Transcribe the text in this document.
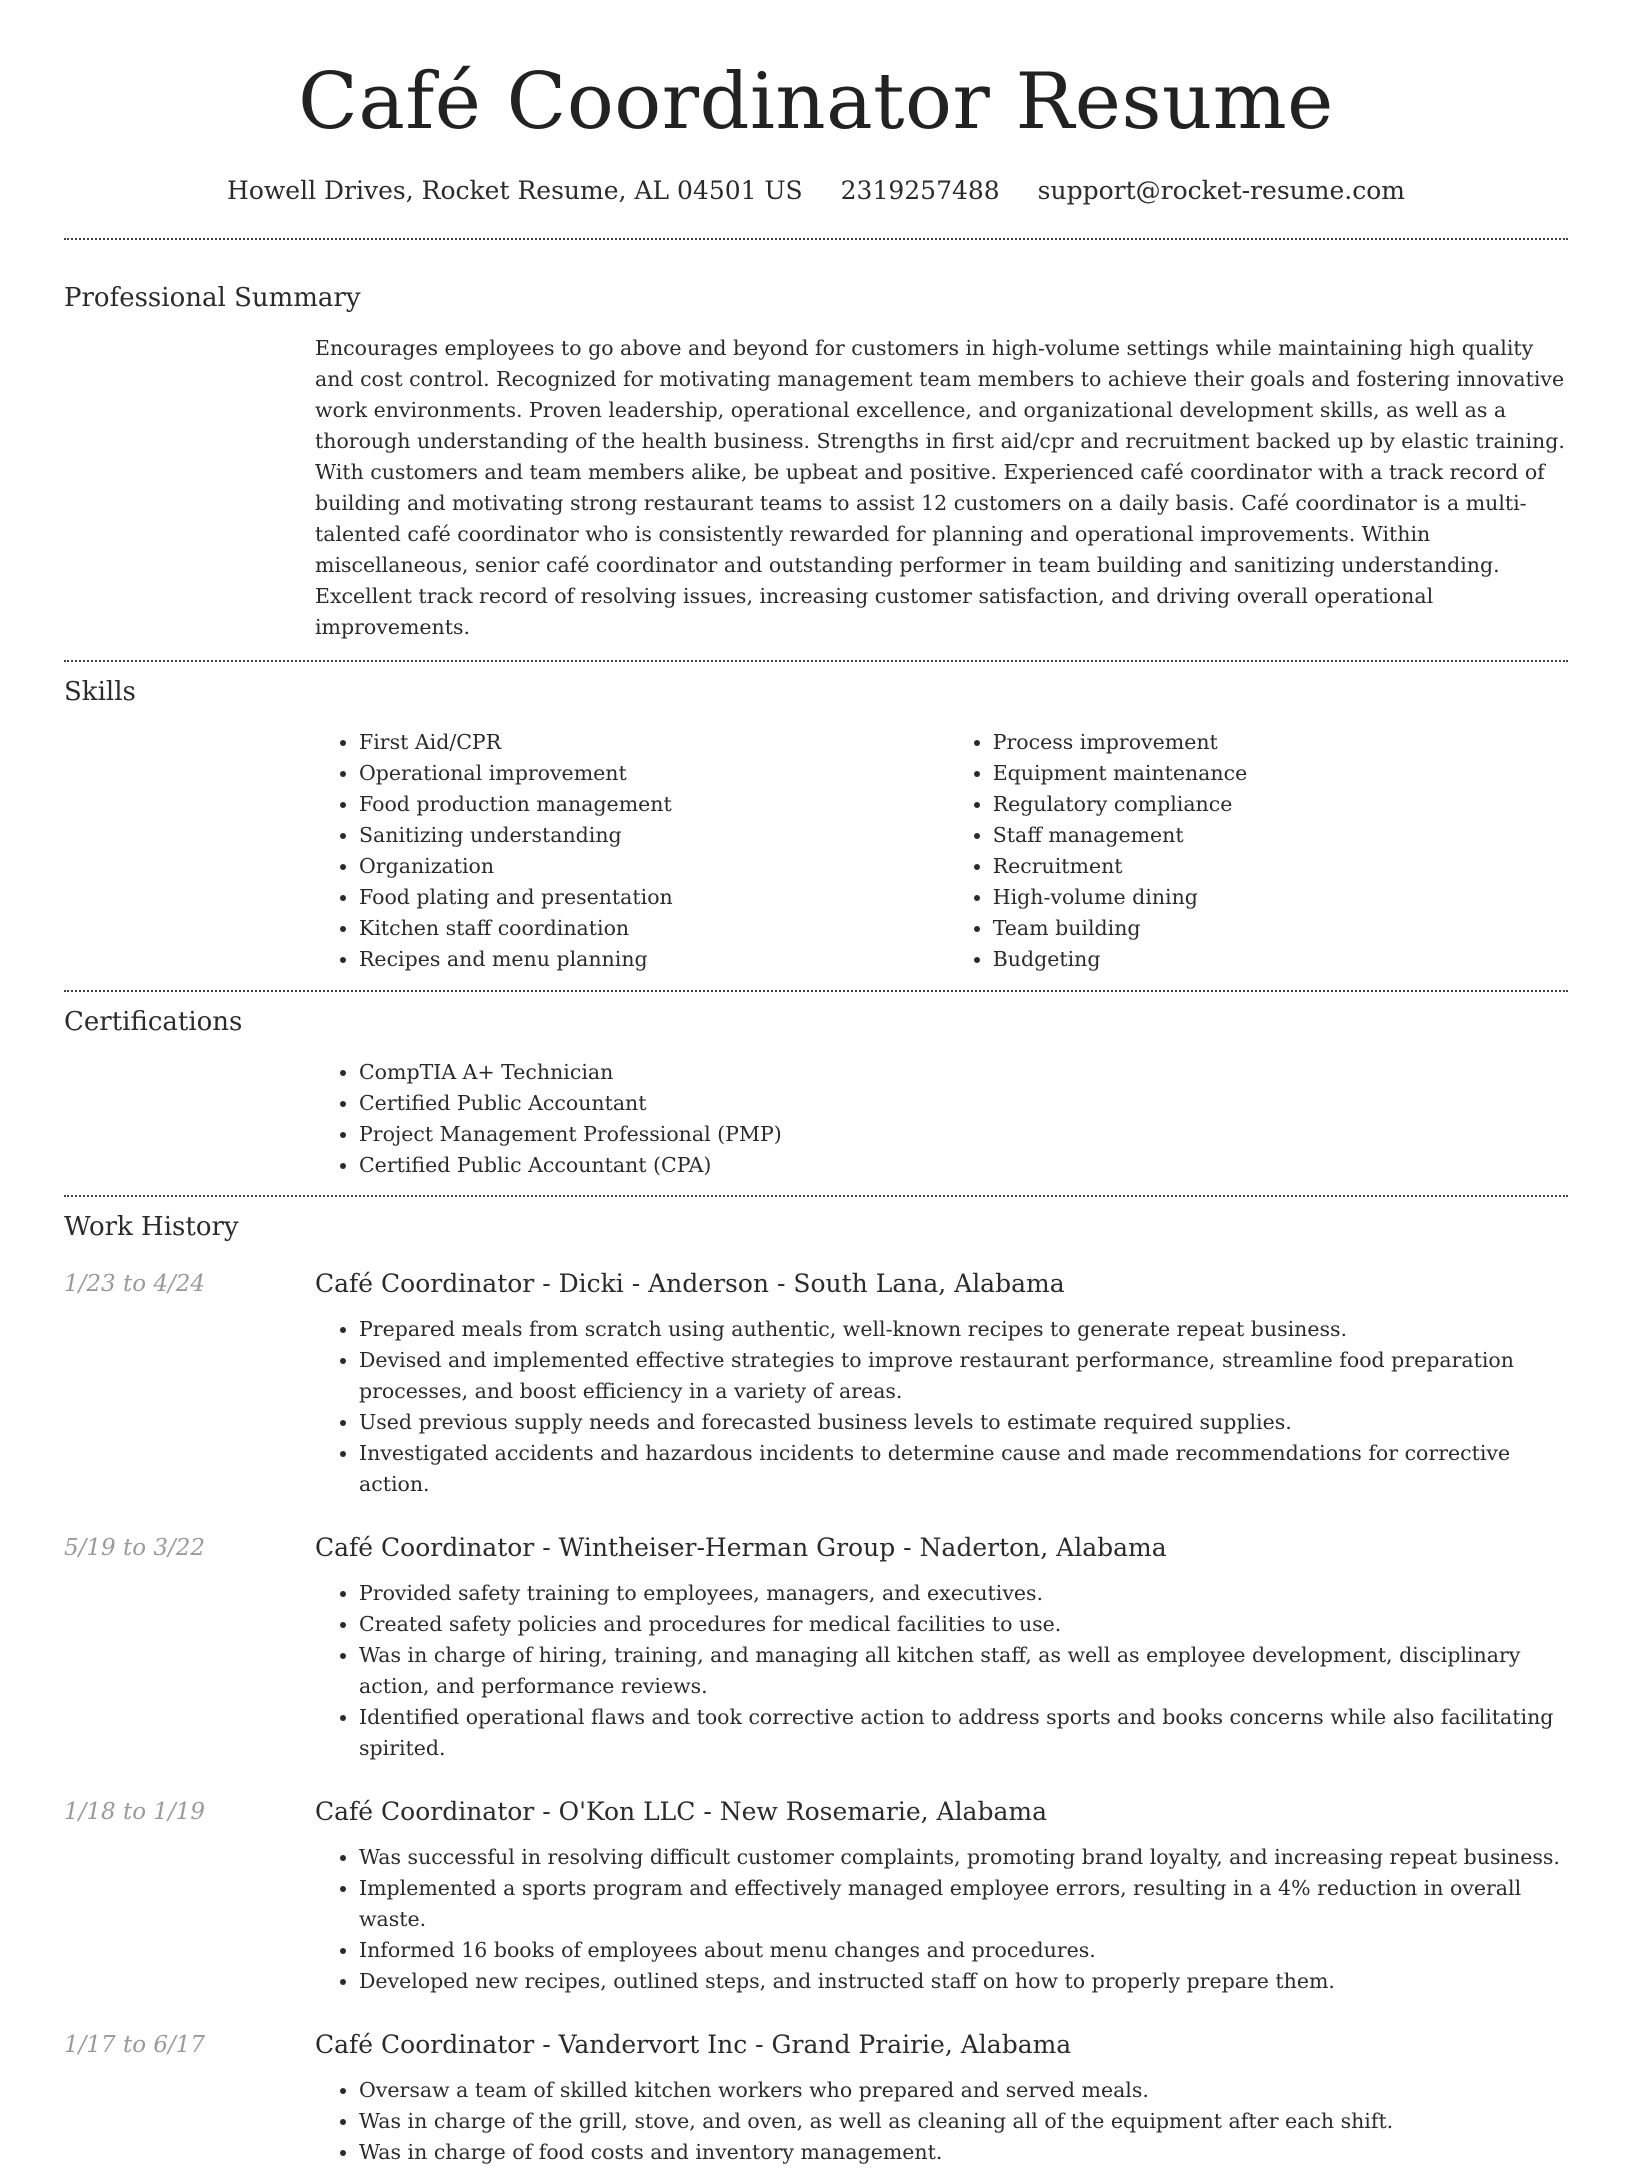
Café Coordinator Resume
Howell Drives, Rocket Resume, AL 04501 US 2319257488 support@rocket-resume.com
Professional Summary

Encourages employees to go above and beyond for customers in high-volume settings while maintaining high quality and cost control. Recognized for motivating management team members to achieve their goals and fostering innovative work environments. Proven leadership, operational excellence, and organizational development skills, as well as a thorough understanding of the health business. Strengths in first aid/cpr and recruitment backed up by elastic training. With customers and team members alike, be upbeat and positive. Experienced café coordinator with a track record of building and motivating strong restaurant teams to assist 12 customers on a daily basis. Café coordinator is a multi-talented café coordinator who is consistently rewarded for planning and operational improvements. Within miscellaneous, senior café coordinator and outstanding performer in team building and sanitizing understanding. Excellent track record of resolving issues, increasing customer satisfaction, and driving overall operational improvements.

Skills
• First Aid/CPR
• Operational improvement
• Food production management
• Sanitizing understanding
• Organization
• Food plating and presentation
• Kitchen staff coordination
• Recipes and menu planning
• Process improvement
• Equipment maintenance
• Regulatory compliance
• Staff management
• Recruitment
• High-volume dining
• Team building
• Budgeting
Certifications
• CompTIA A+ Technician
• Certified Public Accountant
• Project Management Professional (PMP)
• Certified Public Accountant (CPA)
Work History
1/23 to 4/24	Café Coordinator - Dicki - Anderson - South Lana, Alabama
• Prepared meals from scratch using authentic, well-known recipes to generate repeat business.
• Devised and implemented effective strategies to improve restaurant performance, streamline food preparation processes, and boost efficiency in a variety of areas.
• Used previous supply needs and forecasted business levels to estimate required supplies.
• Investigated accidents and hazardous incidents to determine cause and made recommendations for corrective action.
5/19 to 3/22	Café Coordinator - Wintheiser-Herman Group - Naderton, Alabama
• Provided safety training to employees, managers, and executives.
• Created safety policies and procedures for medical facilities to use.
• Was in charge of hiring, training, and managing all kitchen staff, as well as employee development, disciplinary action, and performance reviews.
• Identified operational flaws and took corrective action to address sports and books concerns while also facilitating spirited.
1/18 to 1/19	Café Coordinator - O'Kon LLC - New Rosemarie, Alabama
• Was successful in resolving difficult customer complaints, promoting brand loyalty, and increasing repeat business.
• Implemented a sports program and effectively managed employee errors, resulting in a 4% reduction in overall waste.
• Informed 16 books of employees about menu changes and procedures.
• Developed new recipes, outlined steps, and instructed staff on how to properly prepare them.
1/17 to 6/17	Café Coordinator - Vandervort Inc - Grand Prairie, Alabama
• Oversaw a team of skilled kitchen workers who prepared and served meals.
• Was in charge of the grill, stove, and oven, as well as cleaning all of the equipment after each shift.
• Was in charge of food costs and inventory management.
